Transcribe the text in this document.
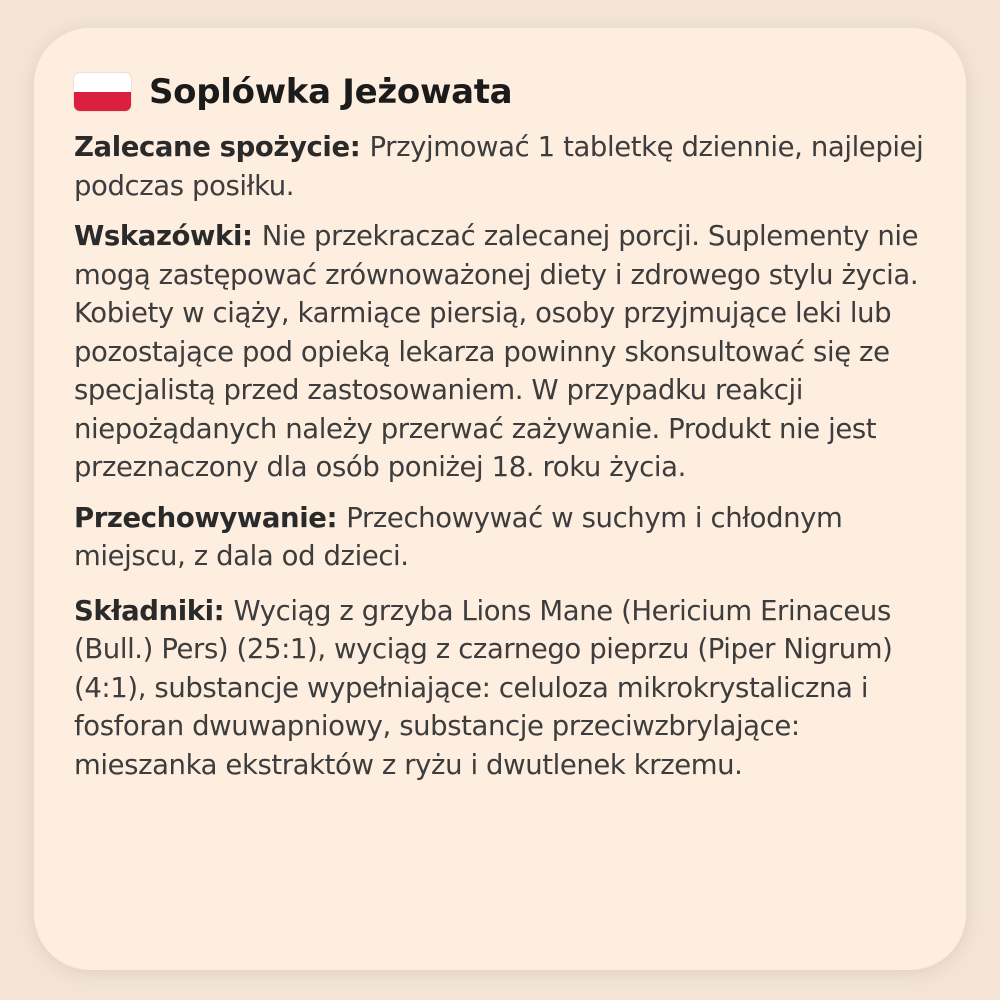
Soplówka Jeżowata

Zalecane spożycie: Przyjmować 1 tabletkę dziennie, najlepiej podczas posiłku.

Wskazówki: Nie przekraczać zalecanej porcji. Suplementy nie mogą zastępować zrównoważonej diety i zdrowego stylu życia. Kobiety w ciąży, karmiące piersią, osoby przyjmujące leki lub pozostające pod opieką lekarza powinny skonsultować się ze specjalistą przed zastosowaniem. W przypadku reakcji niepożądanych należy przerwać zażywanie. Produkt nie jest przeznaczony dla osób poniżej 18. roku życia.

Przechowywanie: Przechowywać w suchym i chłodnym miejscu, z dala od dzieci.

Składniki: Wyciąg z grzyba Lions Mane (Hericium Erinaceus (Bull.) Pers) (25:1), wyciąg z czarnego pieprzu (Piper Nigrum) (4:1), substancje wypełniające: celuloza mikrokrystaliczna i fosforan dwuwapniowy, substancje przeciwzbrylające: mieszanka ekstraktów z ryżu i dwutlenek krzemu.
